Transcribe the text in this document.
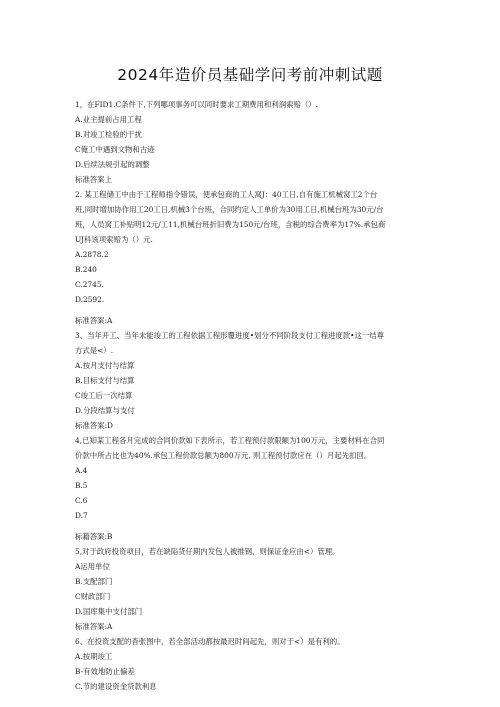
2024年造价员基础学问考前冲刺试题
1，在FID1.C条件下,下列哪项事务可以同时要求工期费用和利润索赔（）.
A.业主提前占用工程
B.对竣工检验的干扰
C俺工中遇到文物和古迹
D.后续法规引起的调整
标准答案上
2. 某工程储工中由于工程师指令错误，使承包商的工人窝J：40工日,自有施工机械窝工2个台
班,同时增加协作用工20工日,机械3个台班，合同约定人工单价为30用工日,机械台班为30元/台
班，人员窝工补贴明12元/工11,机械台班折旧费为150元/台班，含税的综合费率为17%.承包商
UJ科该项索赔为（）元.
A.2878.2
B.240
C.2745.
D.2592.
标准答案:A
3、当年开工、当年未能竣工的工程依据工程形覆进度•划分不同阶段支付工程进度款•这一结尊
方式是<）.
A.按月支付与结算
B.目标支付与结算
C竣工后一次结算
D.分段结算与支付
标准答案:D
4,已知某工程各月完成的合同价款如下表所示，若工程预付款限额为100万元，主要材料在合同
价款中所占比也为40%.承包工程价款总额为800万元, 则工程预付款应在（）月起先扣回。
A.4
B.5
C.6
D.7
标籍答案:B
5,对于政府投资项目，若在缺陷货仔期内发包人被推钢，则保证金应由<）管理。
A运用单位
B.支配部门
C财政部门
D.国库集中支付部门
标准答案:A
6、在投资支配的杳张图中，若全部活动都按最迟时间起先，则对于<）是有利的。
A.按期竣工
B-有效地防止偏差
C.节的建设资金贷款利息
